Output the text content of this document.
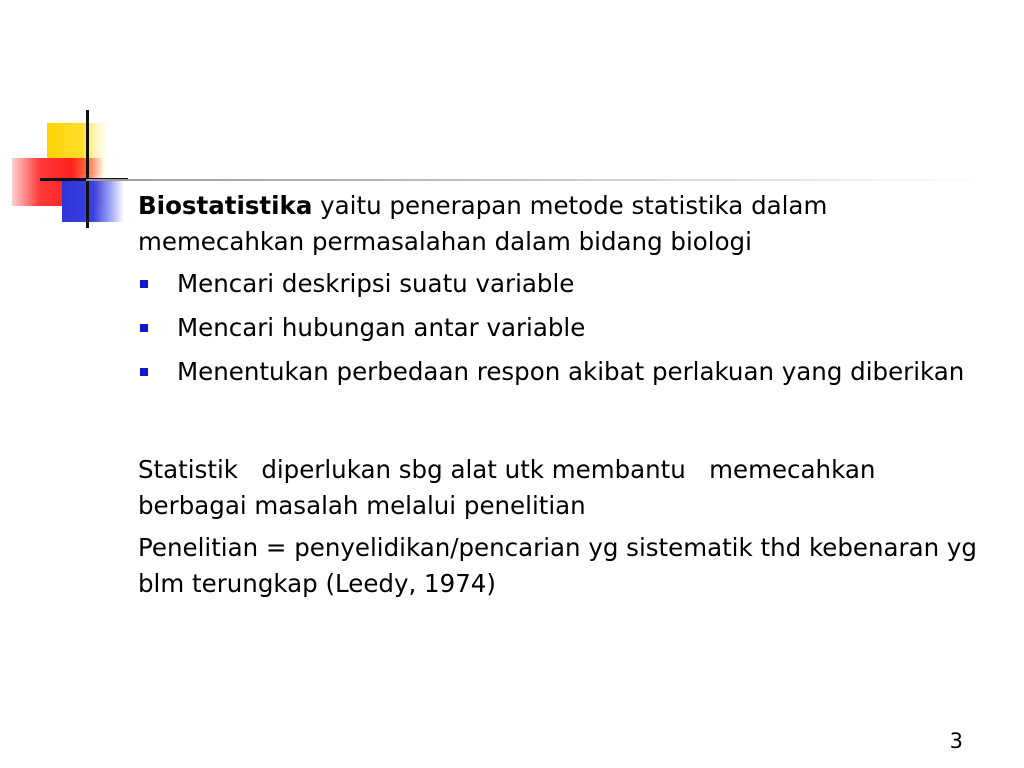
Biostatistika yaitu penerapan metode statistika dalam memecahkan permasalahan dalam bidang biologi

Mencari deskripsi suatu variable
Mencari hubungan antar variable
Menentukan perbedaan respon akibat perlakuan yang diberikan

Statistik   diperlukan sbg alat utk membantu   memecahkan berbagai masalah melalui penelitian

Penelitian = penyelidikan/pencarian yg sistematik thd kebenaran yg blm terungkap (Leedy, 1974)

3
